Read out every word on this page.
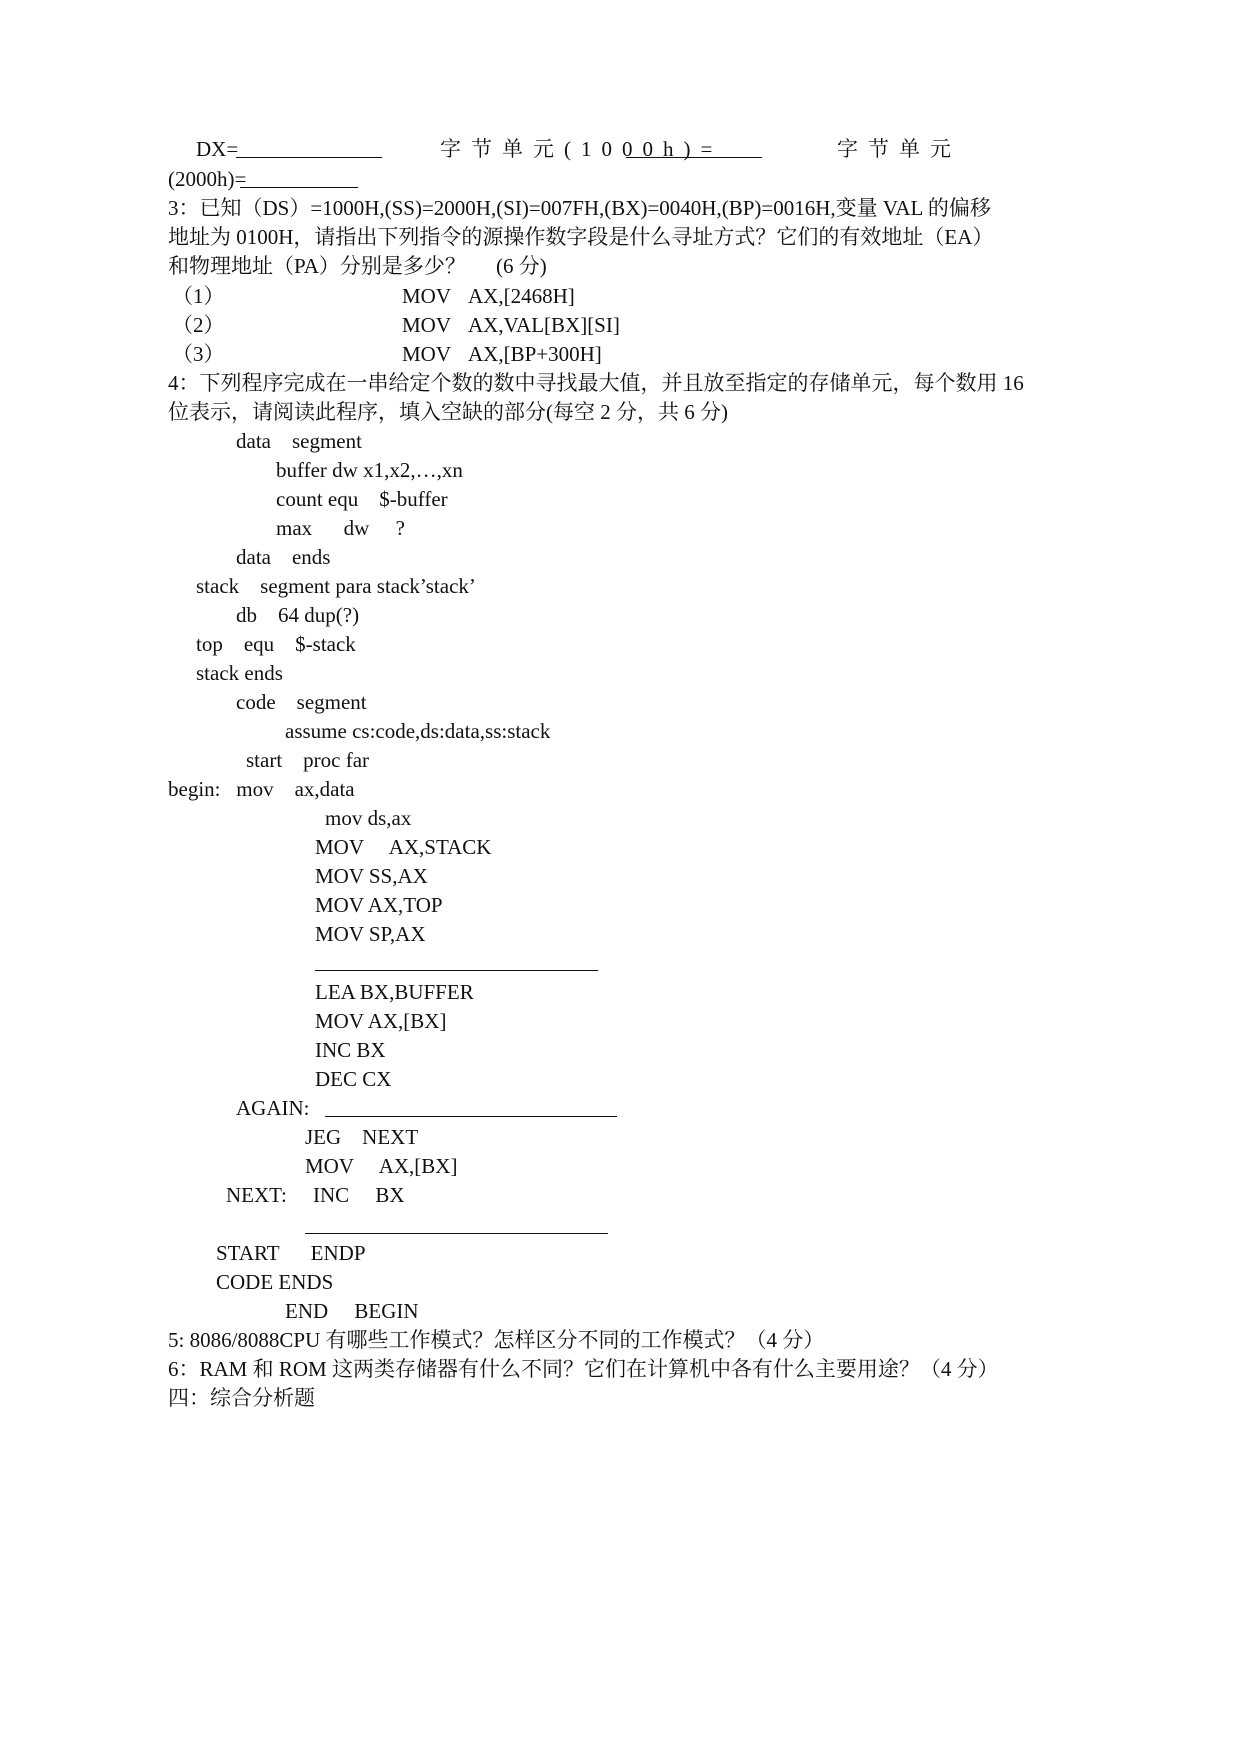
DX=	字节单元(1000h)=	字节单元
(2000h)=
3：已知（DS）=1000H,(SS)=2000H,(SI)=007FH,(BX)=0040H,(BP)=0016H,变量 VAL 的偏移
地址为 0100H，请指出下列指令的源操作数字段是什么寻址方式？它们的有效地址（EA）
和物理地址（PA）分别是多少？ (6 分)
（1）	MOV AX,[2468H]
（2）	MOV AX,VAL[BX][SI]
（3）	MOV AX,[BP+300H]
4：下列程序完成在一串给定个数的数中寻找最大值，并且放至指定的存储单元，每个数用 16
位表示，请阅读此程序，填入空缺的部分(每空 2 分，共 6 分)
data    segment
buffer dw x1,x2,…,xn
count equ    $-buffer
max      dw     ?
data    ends
stack    segment para stack’stack’
db    64 dup(?)
top    equ    $-stack
stack ends
code    segment
assume cs:code,ds:data,ss:stack
start    proc far
begin:   mov    ax,data
mov ds,ax
MOV     AX,STACK
MOV SS,AX
MOV AX,TOP
MOV SP,AX
LEA BX,BUFFER
MOV AX,[BX]
INC BX
DEC CX
AGAIN:
JEG    NEXT
MOV     AX,[BX]
NEXT: INC     BX
START      ENDP
CODE ENDS
END     BEGIN
5: 8086/8088CPU 有哪些工作模式？怎样区分不同的工作模式？（4 分）
6：RAM 和 ROM 这两类存储器有什么不同？它们在计算机中各有什么主要用途？（4 分）
四：综合分析题
